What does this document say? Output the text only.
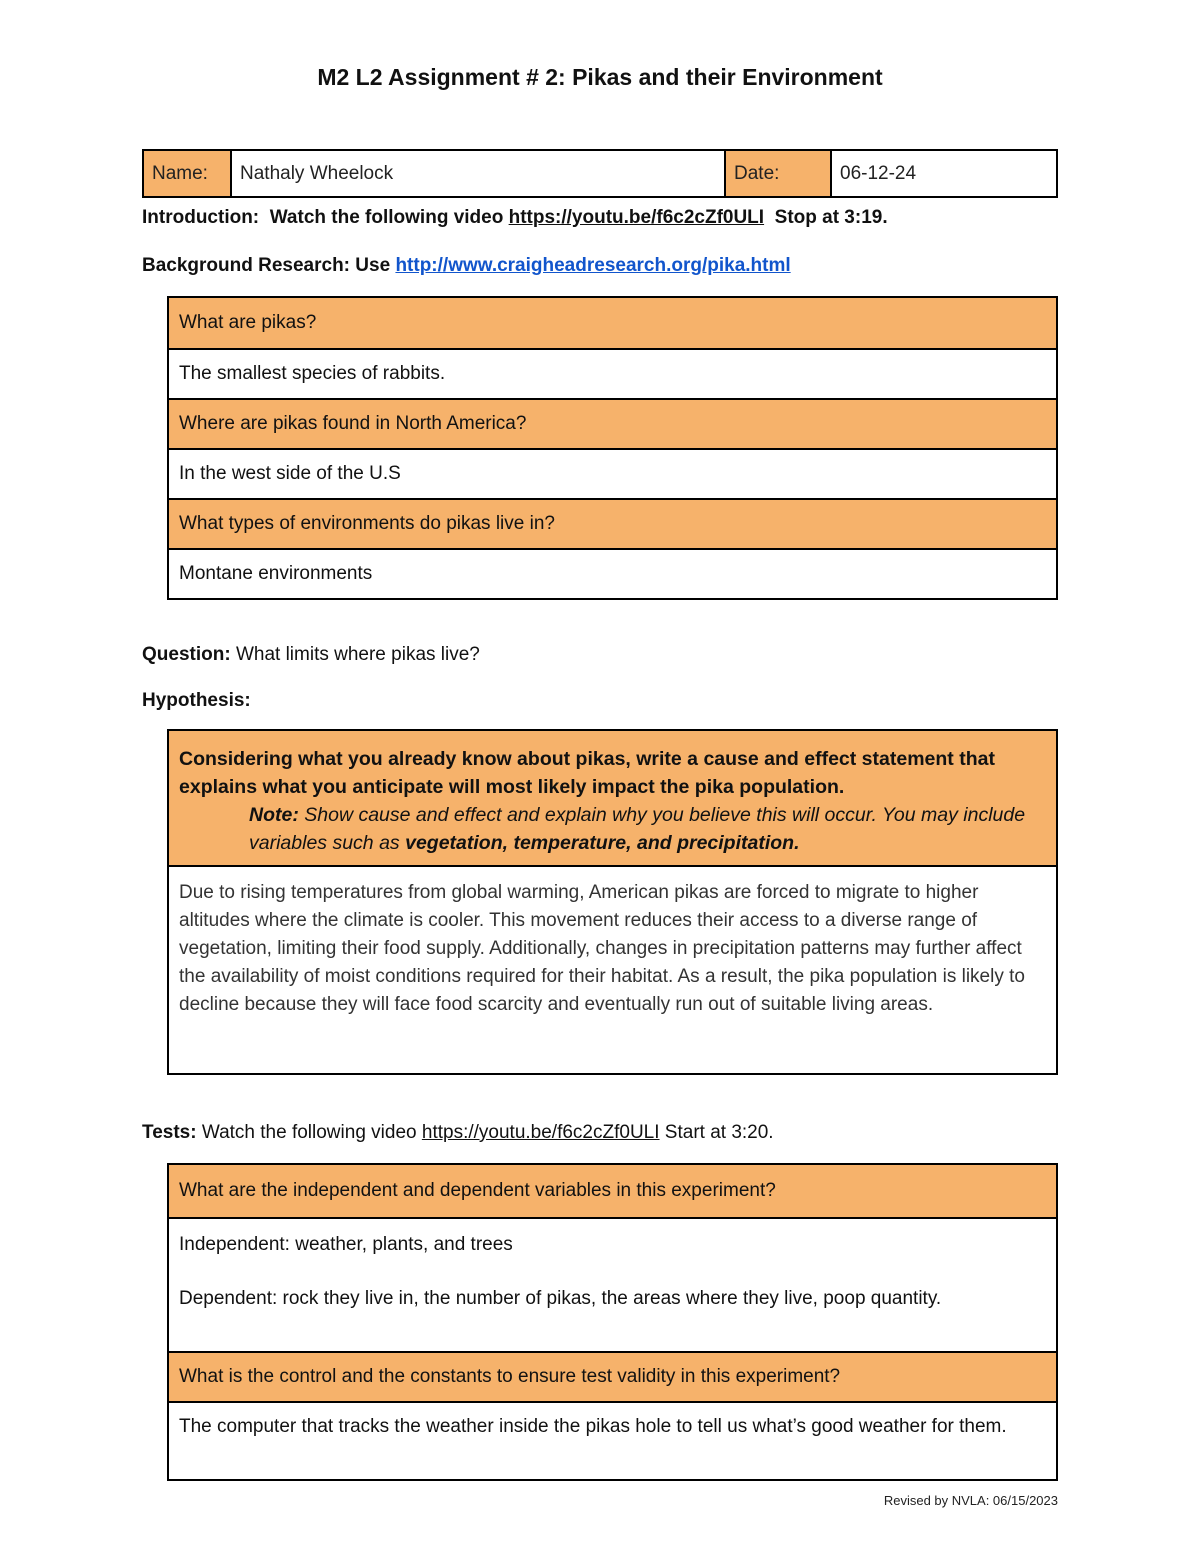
M2 L2 Assignment # 2: Pikas and their Environment
Name:	Nathaly Wheelock	Date:	06-12-24
Introduction: Watch the following video https://youtu.be/f6c2cZf0ULI Stop at 3:19.
Background Research: Use http://www.craigheadresearch.org/pika.html
What are pikas?
The smallest species of rabbits.
Where are pikas found in North America?
In the west side of the U.S
What types of environments do pikas live in?
Montane environments
Question: What limits where pikas live?
Hypothesis:
Considering what you already know about pikas, write a cause and effect statement that explains what you anticipate will most likely impact the pika population.
Note: Show cause and effect and explain why you believe this will occur. You may include variables such as vegetation, temperature, and precipitation.
Due to rising temperatures from global warming, American pikas are forced to migrate to higher altitudes where the climate is cooler. This movement reduces their access to a diverse range of vegetation, limiting their food supply. Additionally, changes in precipitation patterns may further affect the availability of moist conditions required for their habitat. As a result, the pika population is likely to decline because they will face food scarcity and eventually run out of suitable living areas.
Tests: Watch the following video https://youtu.be/f6c2cZf0ULI Start at 3:20.
What are the independent and dependent variables in this experiment?

Independent: weather, plants, and trees

Dependent: rock they live in, the number of pikas, the areas where they live, poop quantity.

What is the control and the constants to ensure test validity in this experiment?
The computer that tracks the weather inside the pikas hole to tell us what’s good weather for them.
Revised by NVLA: 06/15/2023
